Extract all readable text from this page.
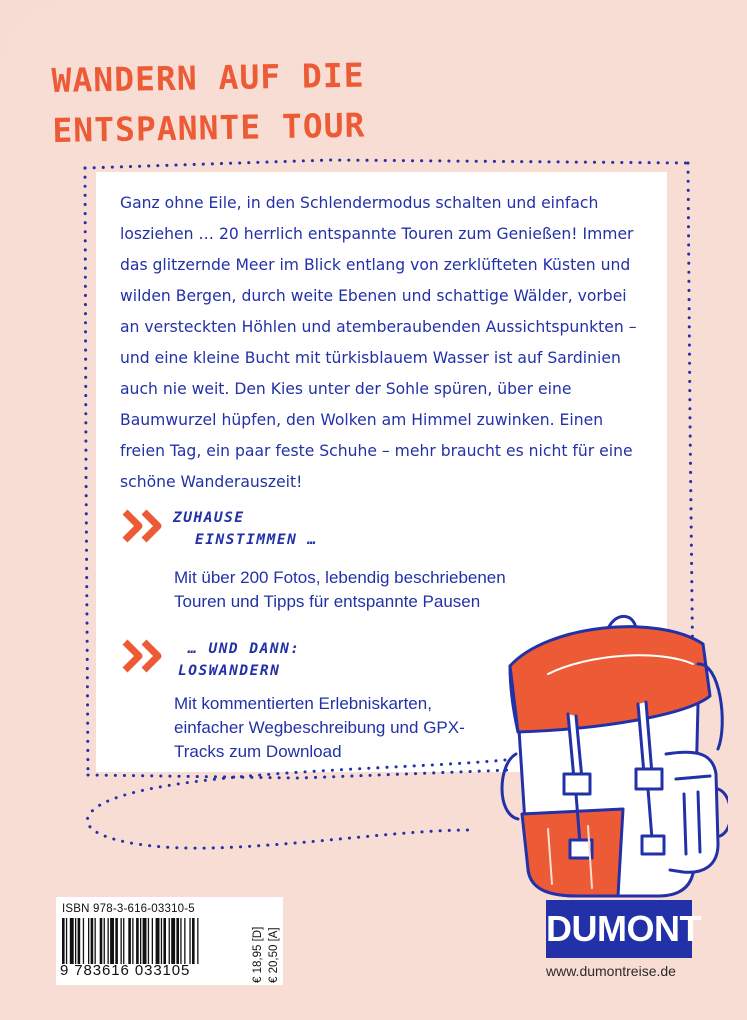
WANDERN AUF DIE
ENTSPANNTE TOUR

Ganz ohne Eile, in den Schlendermodus schalten und einfach losziehen … 20 herrlich entspannte Touren zum Genießen! Immer das glitzernde Meer im Blick entlang von zerklüfteten Küsten und wilden Bergen, durch weite Ebenen und schattige Wälder, vorbei an versteckten Höhlen und atemberaubenden Aussichtspunkten – und eine kleine Bucht mit türkisblauem Wasser ist auf Sardinien auch nie weit. Den Kies unter der Sohle spüren, über eine Baumwurzel hüpfen, den Wolken am Himmel zuwinken. Einen freien Tag, ein paar feste Schuhe – mehr braucht es nicht für eine schöne Wanderauszeit!

ZUHAUSE
EINSTIMMEN …

Mit über 200 Fotos, lebendig beschriebenen
Touren und Tipps für entspannte Pausen

… UND DANN:
LOSWANDERN

Mit kommentierten Erlebniskarten,
einfacher Wegbeschreibung und GPX-
Tracks zum Download

ISBN 978-3-616-03310-5
9 783616 033105	€ 18,95 [D] € 20,50 [A]	DUMONT
www.dumontreise.de
